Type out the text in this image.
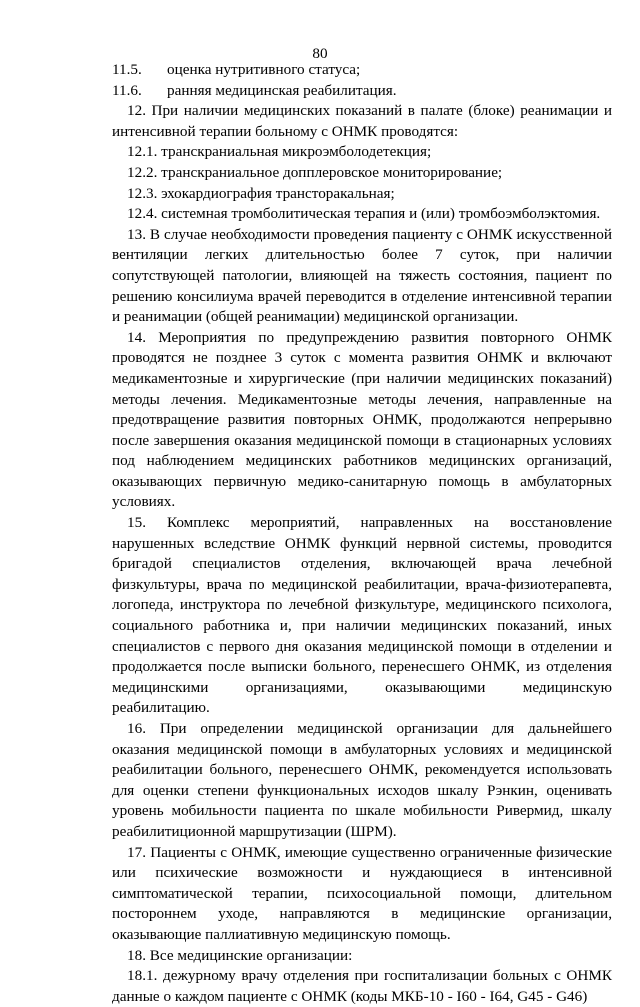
80
11.5. оценка нутритивного статуса;
11.6. ранняя медицинская реабилитация.

12. При наличии медицинских показаний в палате (блоке) реанимации и интенсивной терапии больному с ОНМК проводятся:

12.1. транскраниальная микроэмболодетекция;

12.2. транскраниальное допплеровское мониторирование;

12.3. эхокардиография трансторакальная;

12.4. системная тромболитическая терапия и (или) тромбоэмболэктомия.

13. В случае необходимости проведения пациенту с ОНМК искусственной вентиляции легких длительностью более 7 суток, при наличии сопутствующей патологии, влияющей на тяжесть состояния, пациент по решению консилиума врачей переводится в отделение интенсивной терапии и реанимации (общей реанимации) медицинской организации.

14. Мероприятия по предупреждению развития повторного ОНМК проводятся не позднее 3 суток с момента развития ОНМК и включают медикаментозные и хирургические (при наличии медицинских показаний) методы лечения. Медикаментозные методы лечения, направленные на предотвращение развития повторных ОНМК, продолжаются непрерывно после завершения оказания медицинской помощи в стационарных условиях под наблюдением медицинских работников медицинских организаций, оказывающих первичную медико-санитарную помощь в амбулаторных условиях.

15. Комплекс мероприятий, направленных на восстановление нарушенных вследствие ОНМК функций нервной системы, проводится бригадой специалистов отделения, включающей врача лечебной физкультуры, врача по медицинской реабилитации, врача-физиотерапевта, логопеда, инструктора по лечебной физкультуре, медицинского психолога, социального работника и, при наличии медицинских показаний, иных специалистов с первого дня оказания медицинской помощи в отделении и продолжается после выписки больного, перенесшего ОНМК, из отделения медицинскими организациями, оказывающими медицинскую реабилитацию.

16. При определении медицинской организации для дальнейшего оказания медицинской помощи в амбулаторных условиях и медицинской реабилитации больного, перенесшего ОНМК, рекомендуется использовать для оценки степени функциональных исходов шкалу Рэнкин, оценивать уровень мобильности пациента по шкале мобильности Ривермид, шкалу реабилитиционной маршрутизации (ШРМ).

17. Пациенты с ОНМК, имеющие существенно ограниченные физические или психические возможности и нуждающиеся в интенсивной симптоматической терапии, психосоциальной помощи, длительном постороннем уходе, направляются в медицинские организации, оказывающие паллиативную медицинскую помощь.

18. Все медицинские организации:

18.1. дежурному врачу отделения при госпитализации больных с ОНМК данные о каждом пациенте с ОНМК (коды МКБ-10 - I60 - I64, G45 - G46)
